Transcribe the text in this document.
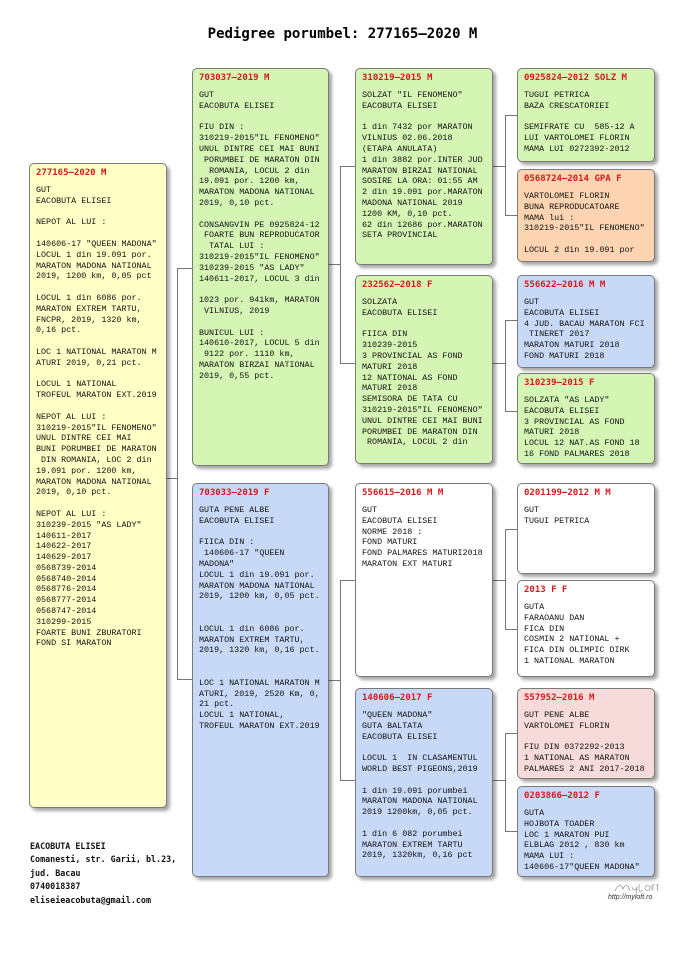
Pedigree porumbel: 277165–2020 M
277165–2020 M
GUT
EACOBUTA ELISEI

NEPOT AL LUI :

140606-17 "QUEEN MADONA"
LOCUL 1 din 19.091 por.
MARATON MADONA NATIONAL
2019, 1200 km, 0,05 pct

LOCUL 1 din 6086 por.
MARATON EXTREM TARTU,
FNCPR, 2019, 1320 km,
0,16 pct.

LOC 1 NATIONAL MARATON M
ATURI 2019, 0,21 pct.

LOCUL 1 NATIONAL
TROFEUL MARATON EXT.2019

NEPOT AL LUI :
310219-2015"IL FENOMENO"
UNUL DINTRE CEI MAI
BUNI PORUMBEI DE MARATON
DIN ROMANIA, LOC 2 din
19.091 por. 1200 km,
MARATON MADONA NATIONAL
2019, 0,10 pct.

NEPOT AL LUI :
310239-2015 "AS LADY"
140611-2017
140622-2017
140629-2017
0568739-2014
0568740-2014
0568776-2014
0568777-2014
0568747-2014
310299-2015
FOARTE BUNI ZBURATORI
FOND SI MARATON
703037–2019 M
GUT
EACOBUTA ELISEI

FIU DIN :
310219-2015"IL FENOMENO"
UNUL DINTRE CEI MAI BUNI
PORUMBEI DE MARATON DIN
ROMANIA, LOCUL 2 din
19.091 por. 1200 km,
MARATON MADONA NATIONAL
2019, 0,10 pct.

CONSANGVIN PE 0925824-12
FOARTE BUN REPRODUCATOR
TATAL LUI :
310219-2015"IL FENOMENO"
310239-2015 "AS LADY"
140611-2017, LOCUL 3 din

1023 por. 941km, MARATON
VILNIUS, 2019

BUNICUL LUI :
140610-2017, LOCUL 5 din
9122 por. 1110 km,
MARATON BIRZAI NATIONAL
2019, 0,55 pct.
703033–2019 F
GUTA PENE ALBE
EACOBUTA ELISEI

FIICA DIN :
140606-17 "QUEEN MADONA"
LOCUL 1 din 19.091 por.
MARATON MADONA NATIONAL
2019, 1200 km, 0,05 pct.

LOCUL 1 din 6086 por.
MARATON EXTREM TARTU,
2019, 1320 km, 0,16 pct.

LOC 1 NATIONAL MARATON M
ATURI, 2019, 2520 Km, 0,
21 pct.
LOCUL 1 NATIONAL,
TROFEUL MARATON EXT.2019
310219–2015 M
SOLZAT "IL FENOMENO"
EACOBUTA ELISEI

1 din 7432 por MARATON
VILNIUS 02.06.2018
(ETAPA ANULATA)
1 din 3882 por.INTER JUD
MARATON BIRZAI NATIONAL
SOSIRE LA ORA: 01:55 AM
2 din 19.091 por.MARATON
MADONA NATIONAL 2019
1200 KM, 0,10 pct.
62 din 12686 por.MARATON
SETA PROVINCIAL
232562–2018 F
SOLZATA
EACOBUTA ELISEI

FIICA DIN
310239-2015
3 PROVINCIAL AS FOND
MATURI 2018
12 NATIONAL AS FOND
MATURI 2018
SEMISORA DE TATA CU
310219-2015"IL FENOMENO"
UNUL DINTRE CEI MAI BUNI
PORUMBEI DE MARATON DIN
ROMANIA, LOCUL 2 din
556615–2016 M M
GUT
EACOBUTA ELISEI
NORME 2018 :
FOND MATURI
FOND PALMARES MATURI2018
MARATON EXT MATURI
140606–2017 F
"QUEEN MADONA"
GUTA BALTATA
EACOBUTA ELISEI

LOCUL 1  IN CLASAMENTUL
WORLD BEST PIGEONS,2019

1 din 19.091 porumbei
MARATON MADONA NATIONAL
2019 1200km, 0,05 pct.

1 din 6 082 porumbei
MARATON EXTREM TARTU
2019, 1320km, 0,16 pct
0925824–2012 SOLZ M
TUGUI PETRICA
BAZA CRESCATORIEI

SEMIFRATE CU  585-12 A
LUI VARTOLOMEI FLORIN
MAMA LUI 0272392-2012
0568724–2014 GPA F
VARTOLOMEI FLORIN
BUNA REPRODUCATOARE
MAMA lui :
310219-2015"IL FENOMENO"

LOCUL 2 din 19.091 por
556622–2016 M M
GUT
EACOBUTA ELISEI
4 JUD. BACAU MARATON FCI
TINERET 2017
MARATON MATURI 2018
FOND MATURI 2018
310239–2015 F
SOLZATA "AS LADY"
EACOBUTA ELISEI
3 PROVINCIAL AS FOND
MATURI 2018
LOCUL 12 NAT.AS FOND 18
16 FOND PALMARES 2018
0201199–2012 M M
GUT
TUGUI PETRICA
2013 F F
GUTA
FARAOANU DAN
FICA DIN
COSMIN 2 NATIONAL +
FICA DIN OLIMPIC DIRK
1 NATIONAL MARATON
557952–2016 M
GUT PENE ALBE
VARTOLOMEI FLORIN

FIU DIN 0372292-2013
1 NATIONAL AS MARATON
PALMARES 2 ANI 2017-2018
0203866–2012 F
GUTA
HOJBOTA TOADER
LOC 1 MARATON PUI
ELBLAG 2012 , 830 km
MAMA LUI :
140606-17"QUEEN MADONA"
EACOBUTA ELISEI
Comanesti, str. Garii, bl.23,
jud. Bacau
0740018387
eliseieacobuta@gmail.com	http://myloft.ro
